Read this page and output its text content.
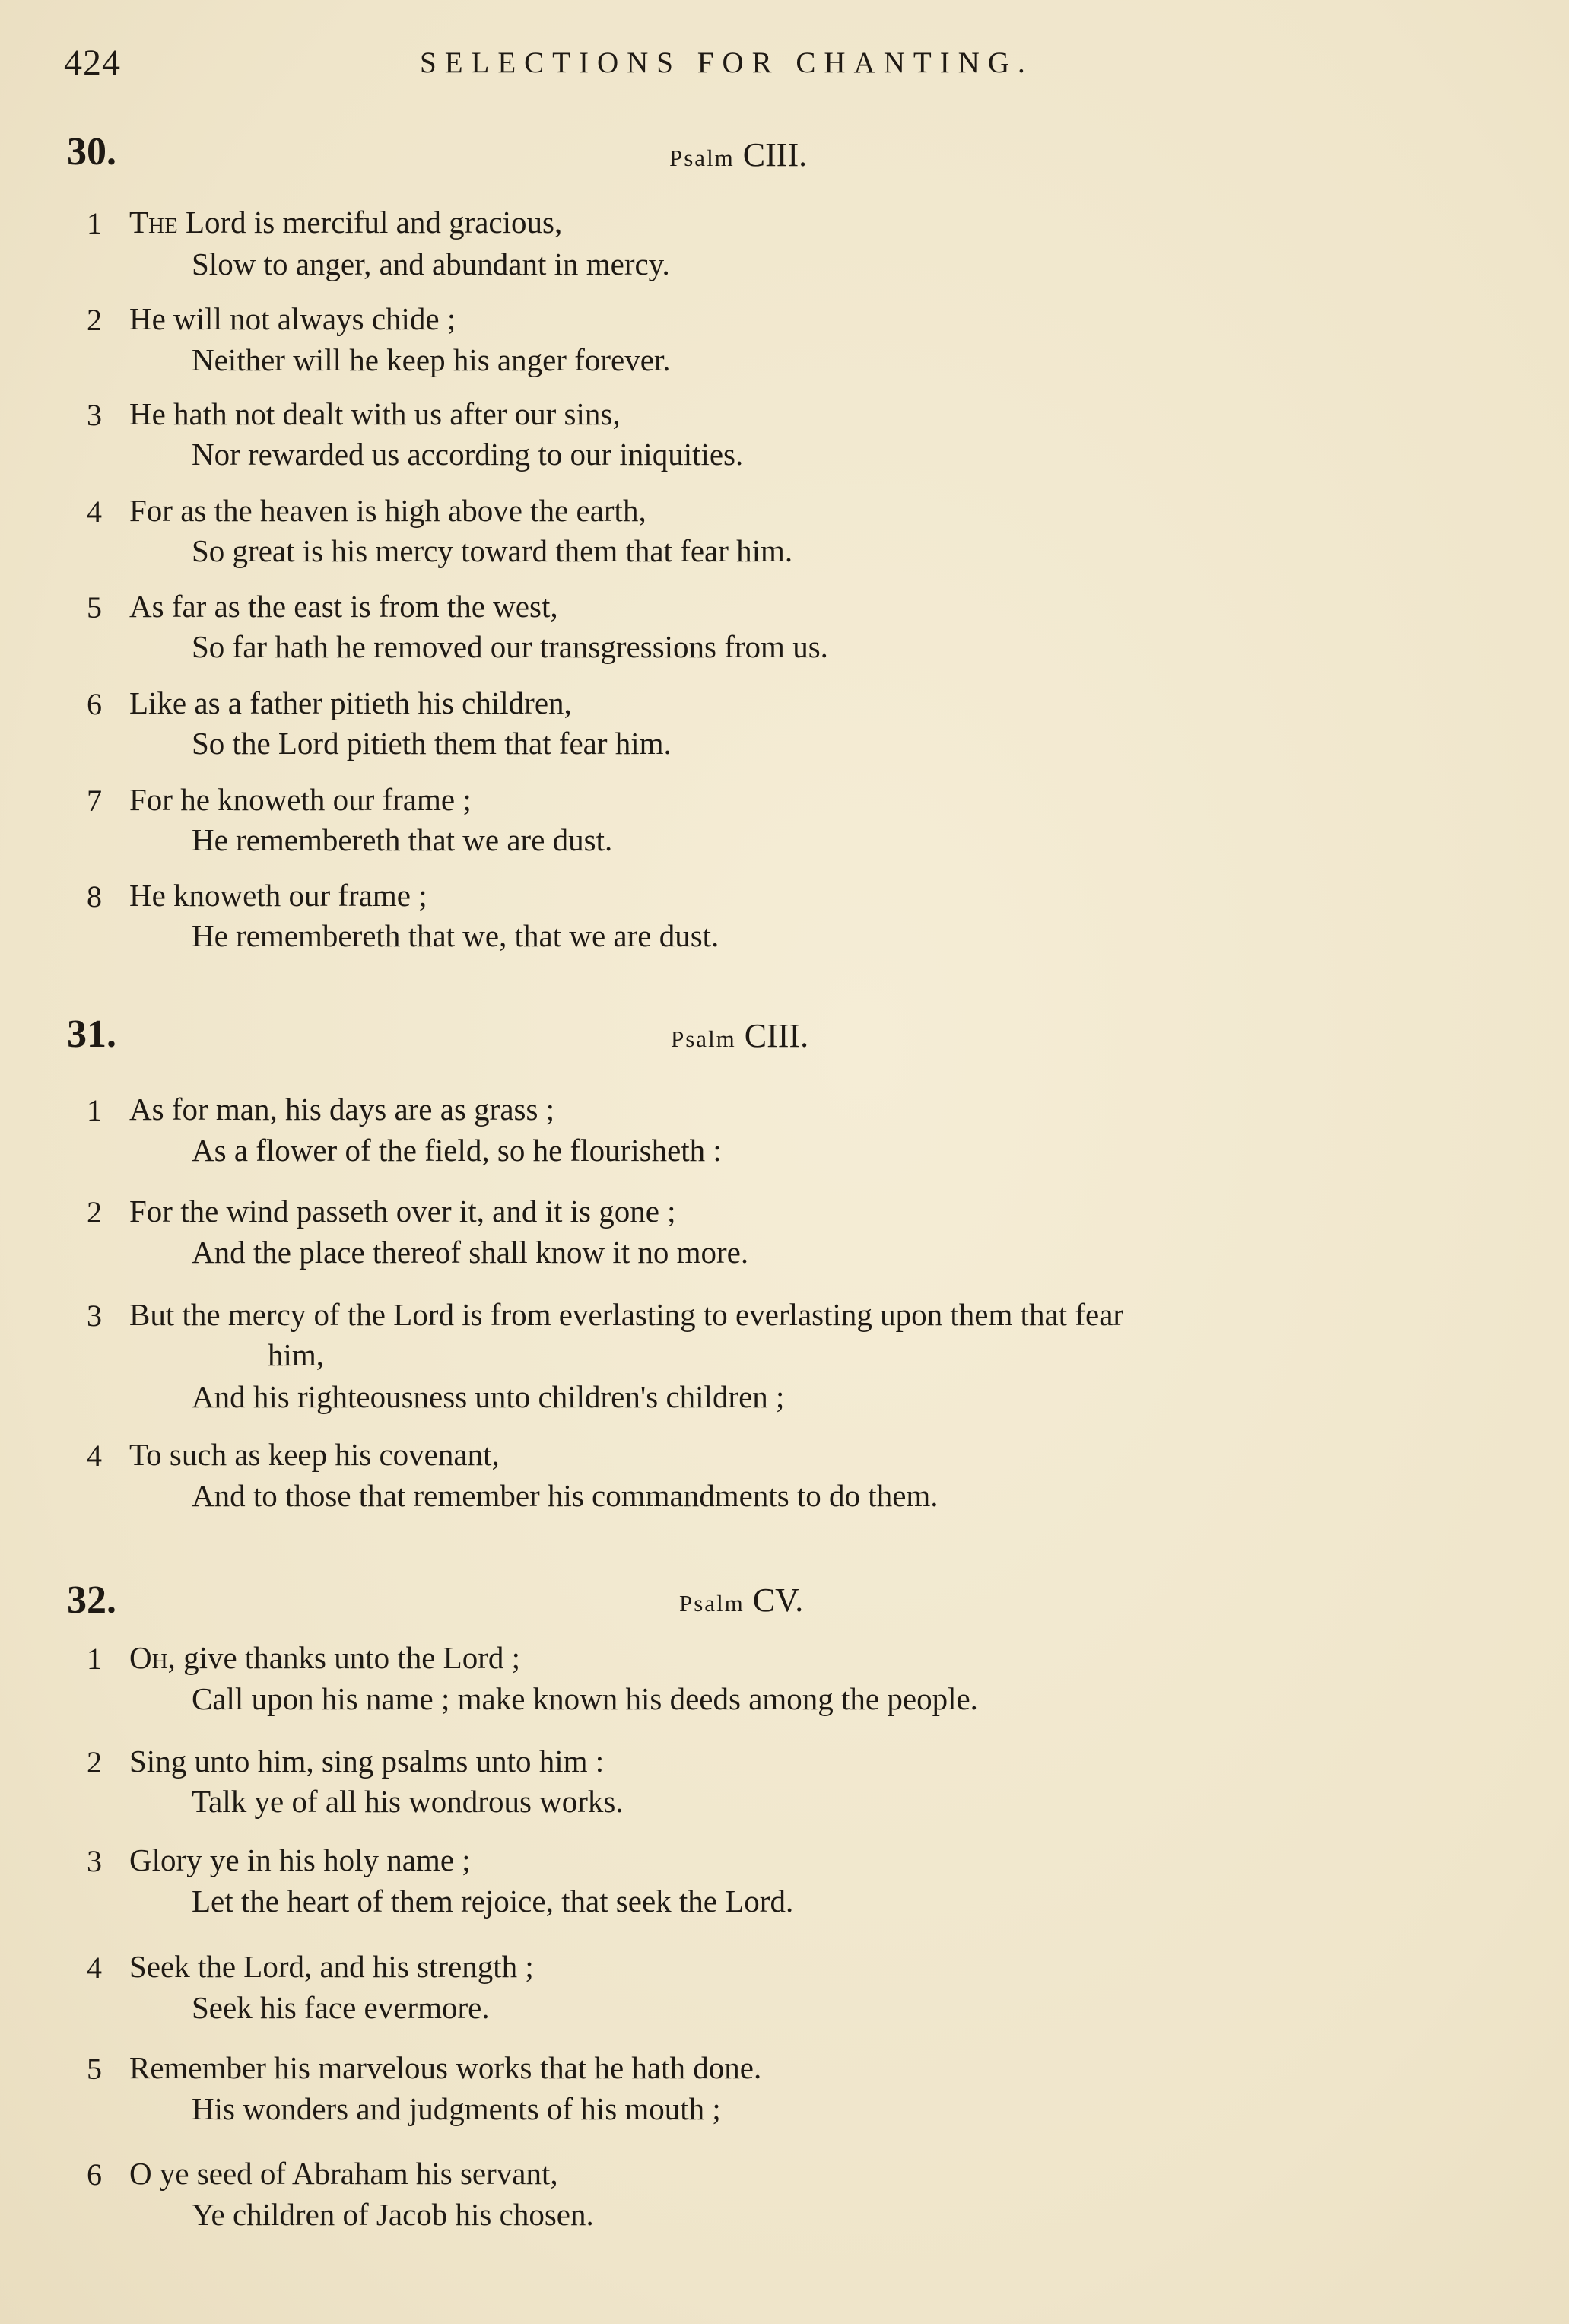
424	SELECTIONS FOR CHANTING.
30.	Psalm CIII.
1 The Lord is merciful and gracious,
Slow to anger, and abundant in mercy.
2 He will not always chide ;
Neither will he keep his anger forever.
3 He hath not dealt with us after our sins,
Nor rewarded us according to our iniquities.
4 For as the heaven is high above the earth,
So great is his mercy toward them that fear him.
5 As far as the east is from the west,
So far hath he removed our transgressions from us.
6 Like as a father pitieth his children,
So the Lord pitieth them that fear him.
7 For he knoweth our frame ;
He remembereth that we are dust.
8 He knoweth our frame ;
He remembereth that we, that we are dust.
31.	Psalm CIII.
1 As for man, his days are as grass ;
As a flower of the field, so he flourisheth :
2 For the wind passeth over it, and it is gone ;
And the place thereof shall know it no more.
3 But the mercy of the Lord is from everlasting to everlasting upon them that fear
him,
And his righteousness unto children's children ;
4 To such as keep his covenant,
And to those that remember his commandments to do them.
32.	Psalm CV.
1 Oh, give thanks unto the Lord ;
Call upon his name ; make known his deeds among the people.
2 Sing unto him, sing psalms unto him :
Talk ye of all his wondrous works.
3 Glory ye in his holy name ;
Let the heart of them rejoice, that seek the Lord.
4 Seek the Lord, and his strength ;
Seek his face evermore.
5 Remember his marvelous works that he hath done.
His wonders and judgments of his mouth ;
6 O ye seed of Abraham his servant,
Ye children of Jacob his chosen.
